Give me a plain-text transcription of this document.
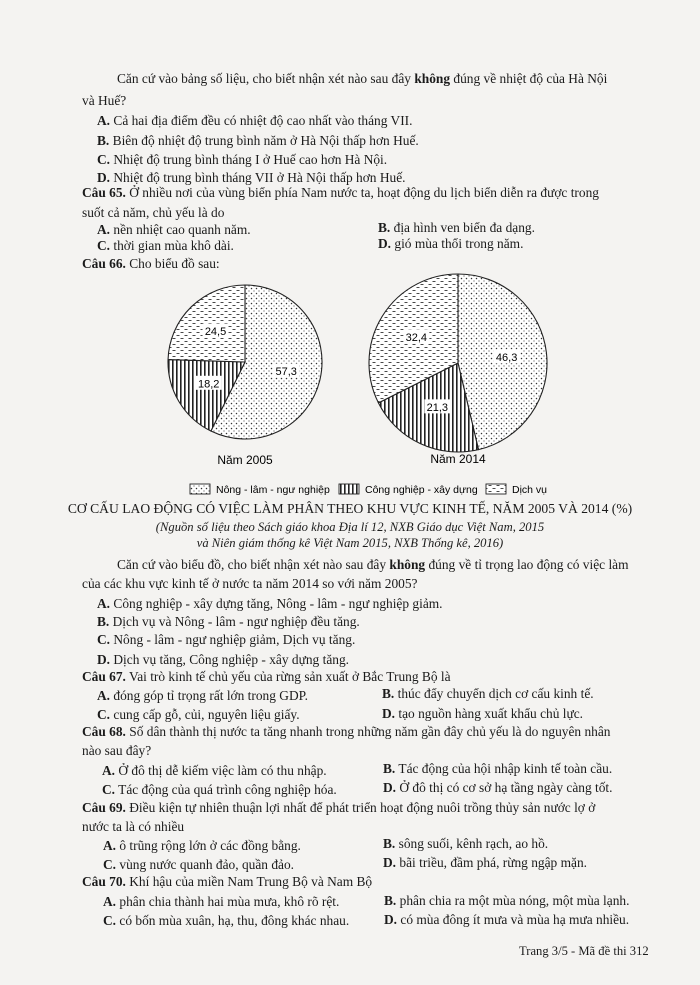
Căn cứ vào bảng số liệu, cho biết nhận xét nào sau đây không đúng về nhiệt độ của Hà Nội
và Huế?
A. Cả hai địa điểm đều có nhiệt độ cao nhất vào tháng VII.
B. Biên độ nhiệt độ trung bình năm ở Hà Nội thấp hơn Huế.
C. Nhiệt độ trung bình tháng I ở Huế cao hơn Hà Nội.
D. Nhiệt độ trung bình tháng VII ở Hà Nội thấp hơn Huế.
Câu 65. Ở nhiều nơi của vùng biển phía Nam nước ta, hoạt động du lịch biển diễn ra được trong
suốt cả năm, chủ yếu là do
A. nền nhiệt cao quanh năm.	B. địa hình ven biển đa dạng.
C. thời gian mùa khô dài.	D. gió mùa thổi trong năm.
Câu 66. Cho biểu đồ sau:
57,3
18,2
24,5
Năm 2005
46,3
21,3
32,4
Năm 2014
Nông - lâm - ngư nghiệp	Công nghiệp - xây dựng	Dịch vụ
CƠ CẤU LAO ĐỘNG CÓ VIỆC LÀM PHÂN THEO KHU VỰC KINH TẾ, NĂM 2005 VÀ 2014 (%)
(Nguồn số liệu theo Sách giáo khoa Địa lí 12, NXB Giáo dục Việt Nam, 2015
và Niên giám thống kê Việt Nam 2015, NXB Thống kê, 2016)
Căn cứ vào biểu đồ, cho biết nhận xét nào sau đây không đúng về tỉ trọng lao động có việc làm
của các khu vực kinh tế ở nước ta năm 2014 so với năm 2005?
A. Công nghiệp - xây dựng tăng, Nông - lâm - ngư nghiệp giảm.
B. Dịch vụ và Nông - lâm - ngư nghiệp đều tăng.
C. Nông - lâm - ngư nghiệp giảm, Dịch vụ tăng.
D. Dịch vụ tăng, Công nghiệp - xây dựng tăng.
Câu 67. Vai trò kinh tế chủ yếu của rừng sản xuất ở Bắc Trung Bộ là
A. đóng góp tỉ trọng rất lớn trong GDP.	B. thúc đẩy chuyển dịch cơ cấu kinh tế.
C. cung cấp gỗ, củi, nguyên liệu giấy.	D. tạo nguồn hàng xuất khẩu chủ lực.
Câu 68. Số dân thành thị nước ta tăng nhanh trong những năm gần đây chủ yếu là do nguyên nhân
nào sau đây?
A. Ở đô thị dễ kiếm việc làm có thu nhập.	B. Tác động của hội nhập kinh tế toàn cầu.
C. Tác động của quá trình công nghiệp hóa.	D. Ở đô thị có cơ sở hạ tầng ngày càng tốt.
Câu 69. Điều kiện tự nhiên thuận lợi nhất để phát triển hoạt động nuôi trồng thủy sản nước lợ ở
nước ta là có nhiều
A. ô trũng rộng lớn ở các đồng bằng.	B. sông suối, kênh rạch, ao hồ.
C. vùng nước quanh đảo, quần đảo.	D. bãi triều, đầm phá, rừng ngập mặn.
Câu 70. Khí hậu của miền Nam Trung Bộ và Nam Bộ
A. phân chia thành hai mùa mưa, khô rõ rệt.	B. phân chia ra một mùa nóng, một mùa lạnh.
C. có bốn mùa xuân, hạ, thu, đông khác nhau.	D. có mùa đông ít mưa và mùa hạ mưa nhiều.
Trang 3/5 - Mã đề thi 312
